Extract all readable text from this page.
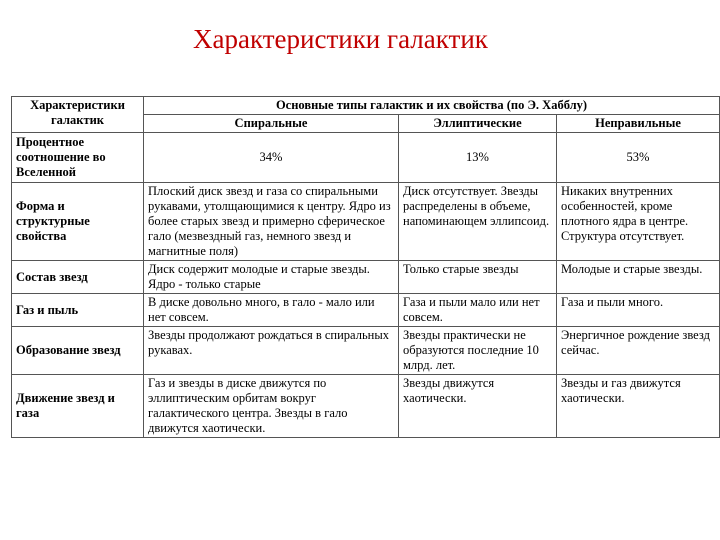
Характеристики галактик
Характеристики галактик	Основные типы галактик и их свойства (по Э. Хабблу)		
	Спиральные	Эллиптические	Неправильные
Процентное соотношение во Вселенной	34%	13%	53%
Форма и структурные свойства	Плоский диск звезд и газа со спиральными рукавами, утолщающимися к центру. Ядро из более старых звезд и примерно сферическое гало (мезвездный газ, немного звезд и магнитные поля)	Диск отсутствует. Звезды распределены в объеме, напоминающем эллипсоид.	Никаких внутренних особенностей, кроме плотного ядра в центре. Структура отсутствует.
Состав звезд	Диск содержит молодые и старые звезды. Ядро - только старые	Только старые звезды	Молодые и старые звезды.
Газ и пыль	В диске довольно много, в гало - мало или нет совсем.	Газа и пыли мало или нет совсем.	Газа и пыли много.
Образование звезд	Звезды продолжают рождаться в спиральных рукавах.	Звезды практически не образуются последние 10 млрд. лет.	Энергичное рождение звезд сейчас.
Движение звезд и газа	Газ и звезды в диске движутся по эллиптическим орбитам вокруг галактического центра. Звезды в гало движутся хаотически.	Звезды движутся хаотически.	Звезды и газ движутся хаотически.
